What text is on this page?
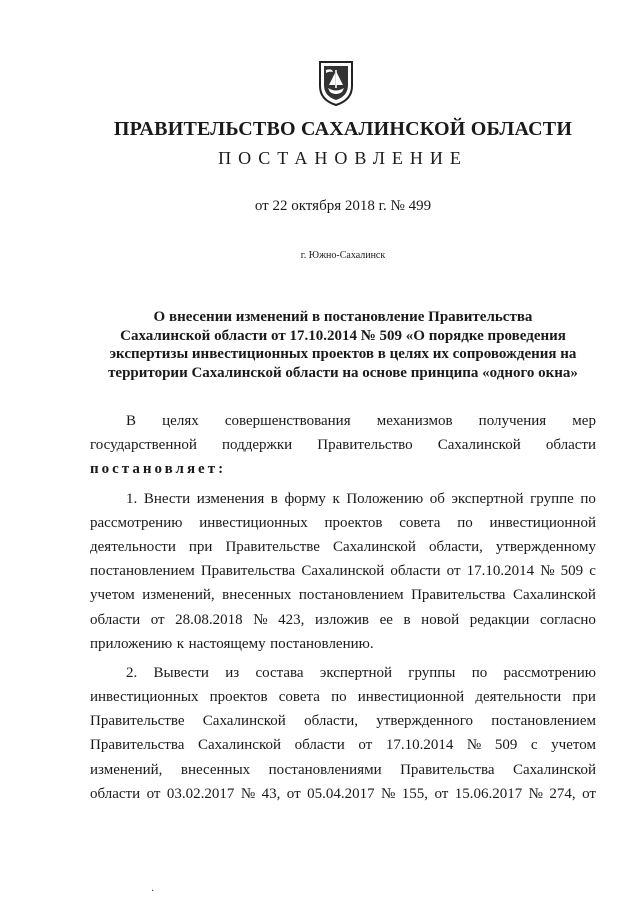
ПРАВИТЕЛЬСТВО САХАЛИНСКОЙ ОБЛАСТИ
ПОСТАНОВЛЕНИЕ
от 22 октября 2018 г. № 499
г. Южно-Сахалинск
О внесении изменений в постановление Правительства
Сахалинской области от 17.10.2014 № 509 «О порядке проведения
экспертизы инвестиционных проектов в целях их сопровождения на
территории Сахалинской области на основе принципа «одного окна»
В целях совершенствования механизмов получения мер
государственной поддержки Правительство Сахалинской области
постановляет:
1. Внести изменения в форму к Положению об экспертной группе по
рассмотрению инвестиционных проектов совета по инвестиционной
деятельности при Правительстве Сахалинской области, утвержденному
постановлением Правительства Сахалинской области от 17.10.2014 № 509 с
учетом изменений, внесенных постановлением Правительства Сахалинской
области от 28.08.2018 № 423, изложив ее в новой редакции согласно
приложению к настоящему постановлению.
2. Вывести из состава экспертной группы по рассмотрению
инвестиционных проектов совета по инвестиционной деятельности при
Правительстве Сахалинской области, утвержденного постановлением
Правительства Сахалинской области от 17.10.2014 № 509 с учетом
изменений, внесенных постановлениями Правительства Сахалинской
области от 03.02.2017 № 43, от 05.04.2017 № 155, от 15.06.2017 № 274, от
·
